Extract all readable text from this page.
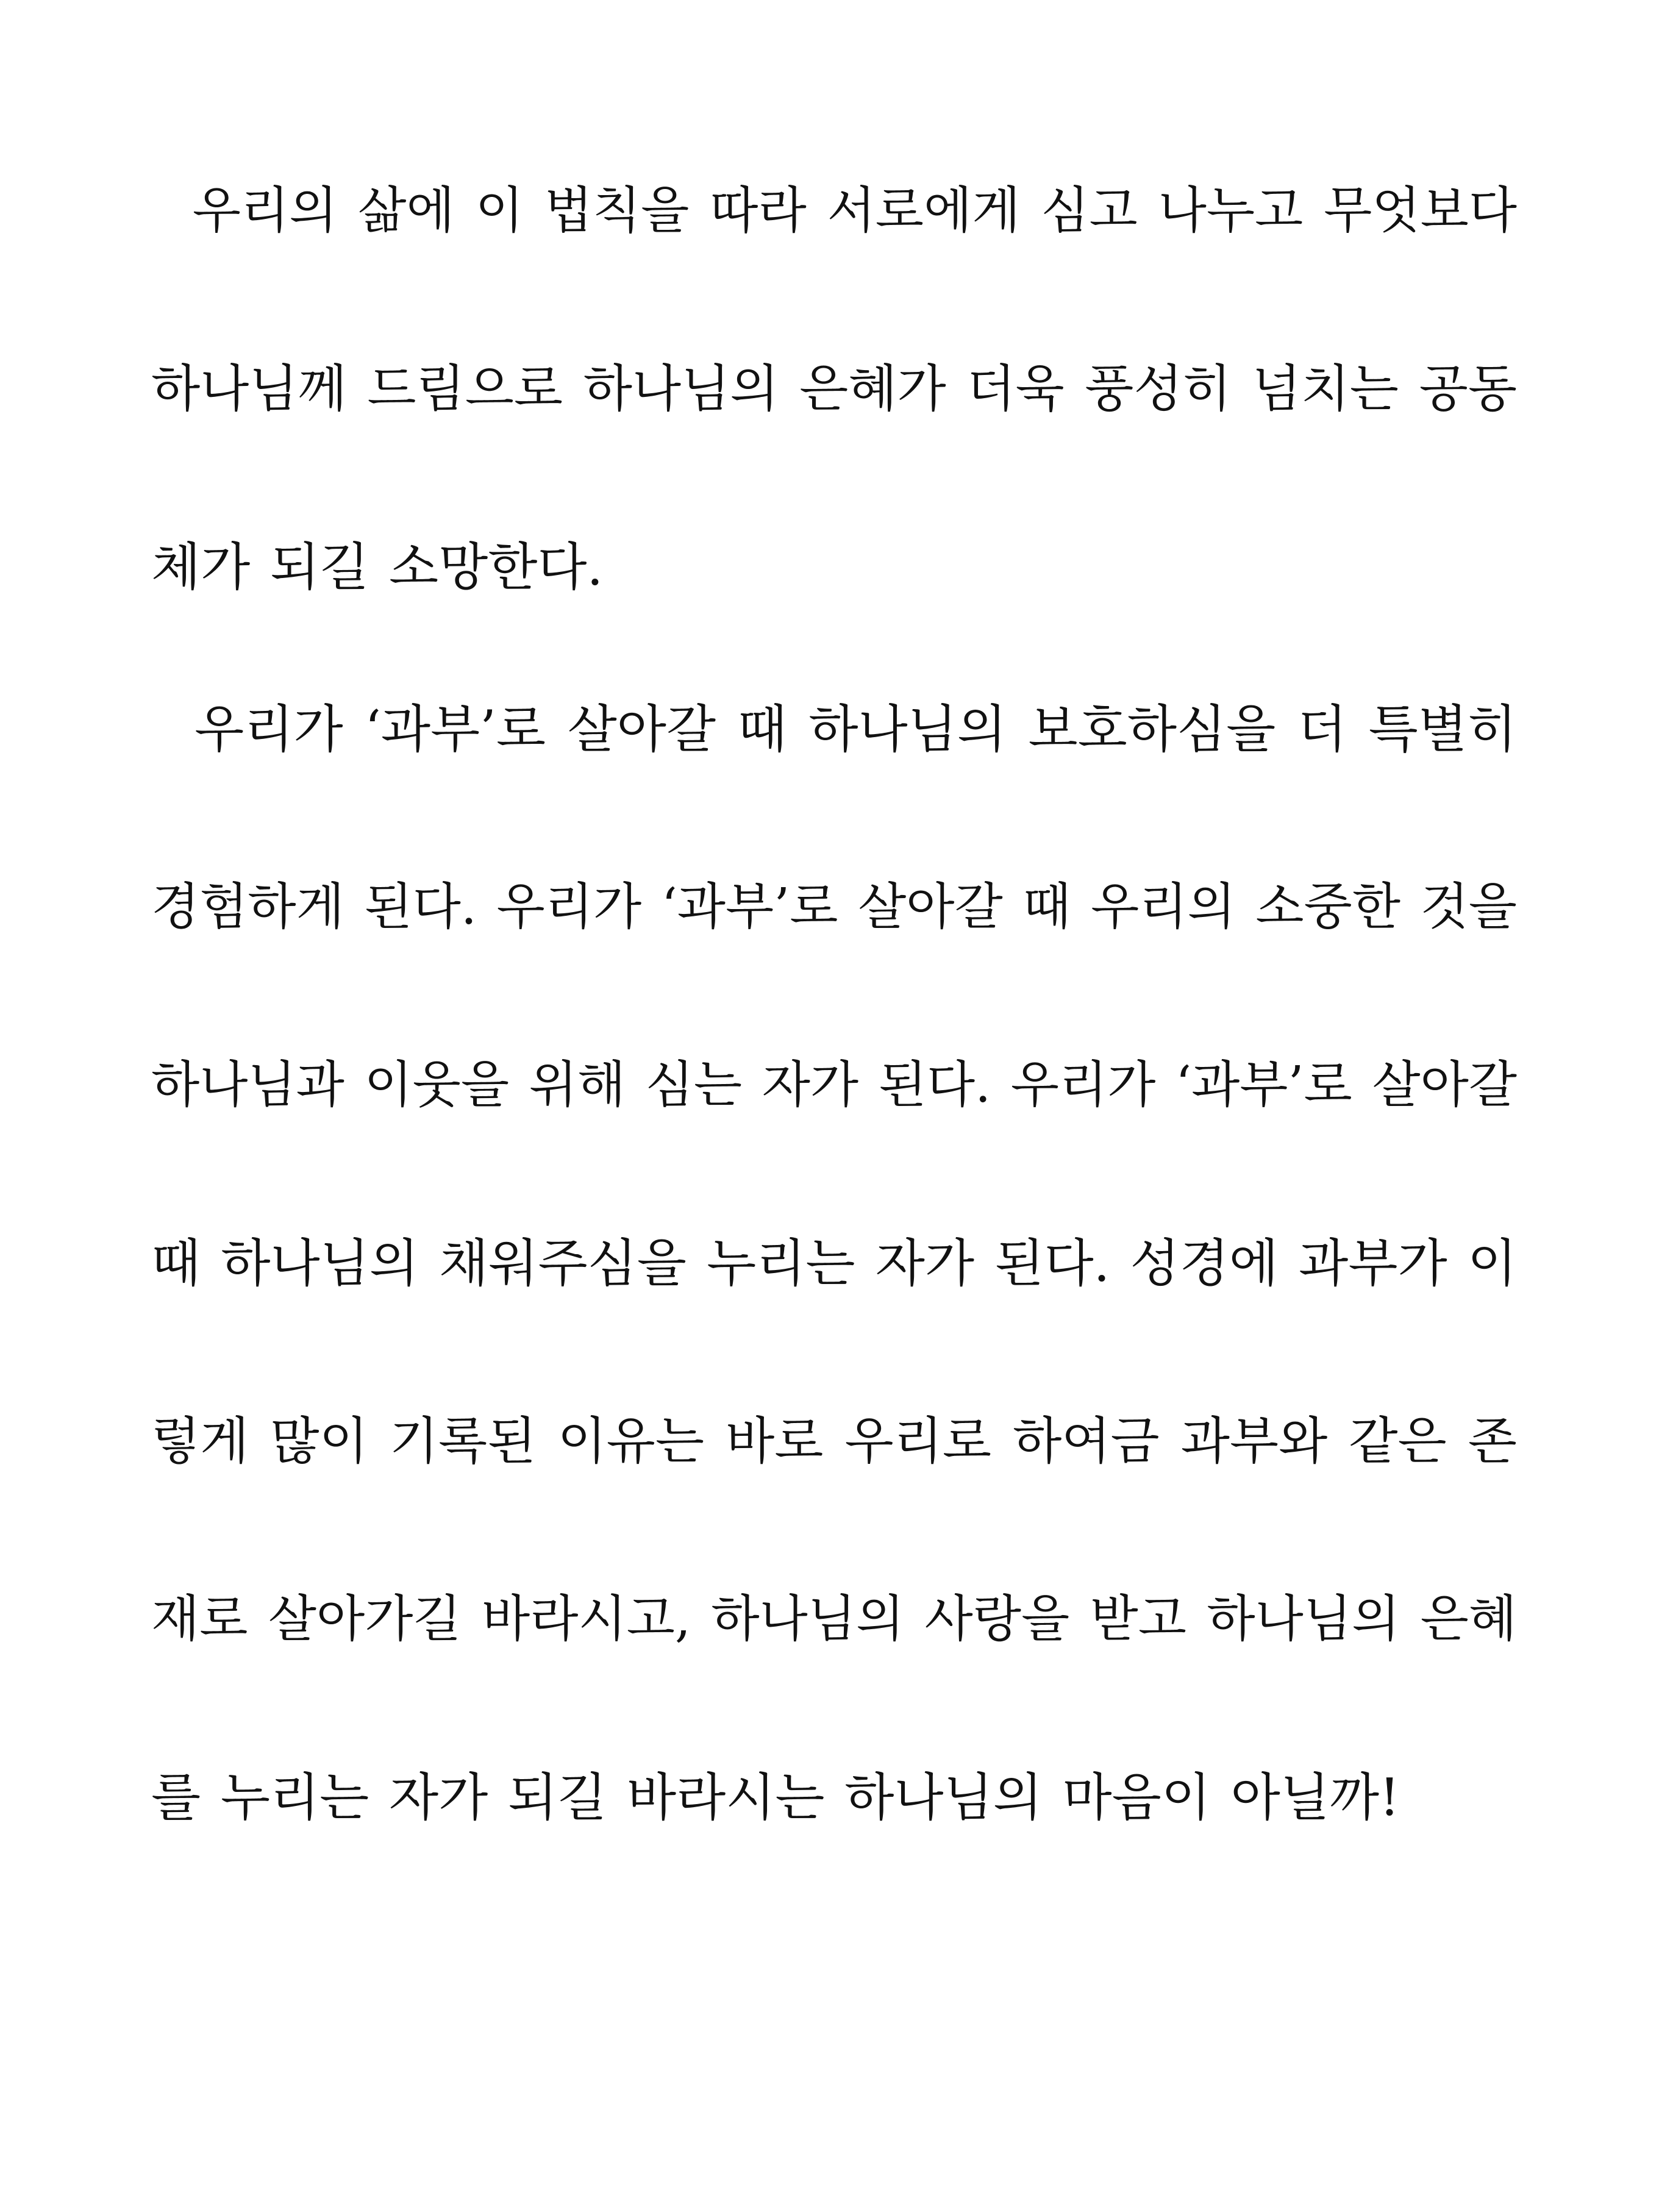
우리의 삶에 이 법칙을 따라 서로에게 심고 나누고 무엇보다
하나님께 드림으로 하나님의 은혜가 더욱 풍성히 넘치는 공동
체가 되길 소망한다.
우리가 ‘과부’로 살아갈 때 하나님의 보호하심을 더 특별히
경험하게 된다. 우리가 ‘과부’로 살아갈 때 우리의 소중한 것을
하나님과 이웃을 위해 심는 자가 된다. 우리가 ‘과부’로 살아갈
때 하나님의 채워주심을 누리는 자가 된다. 성경에 과부가 이
렇게 많이 기록된 이유는 바로 우리로 하여금 과부와 같은 존
재로 살아가길 바라시고, 하나님의 사랑을 받고 하나님의 은혜
를 누리는 자가 되길 바라시는 하나님의 마음이 아닐까!
